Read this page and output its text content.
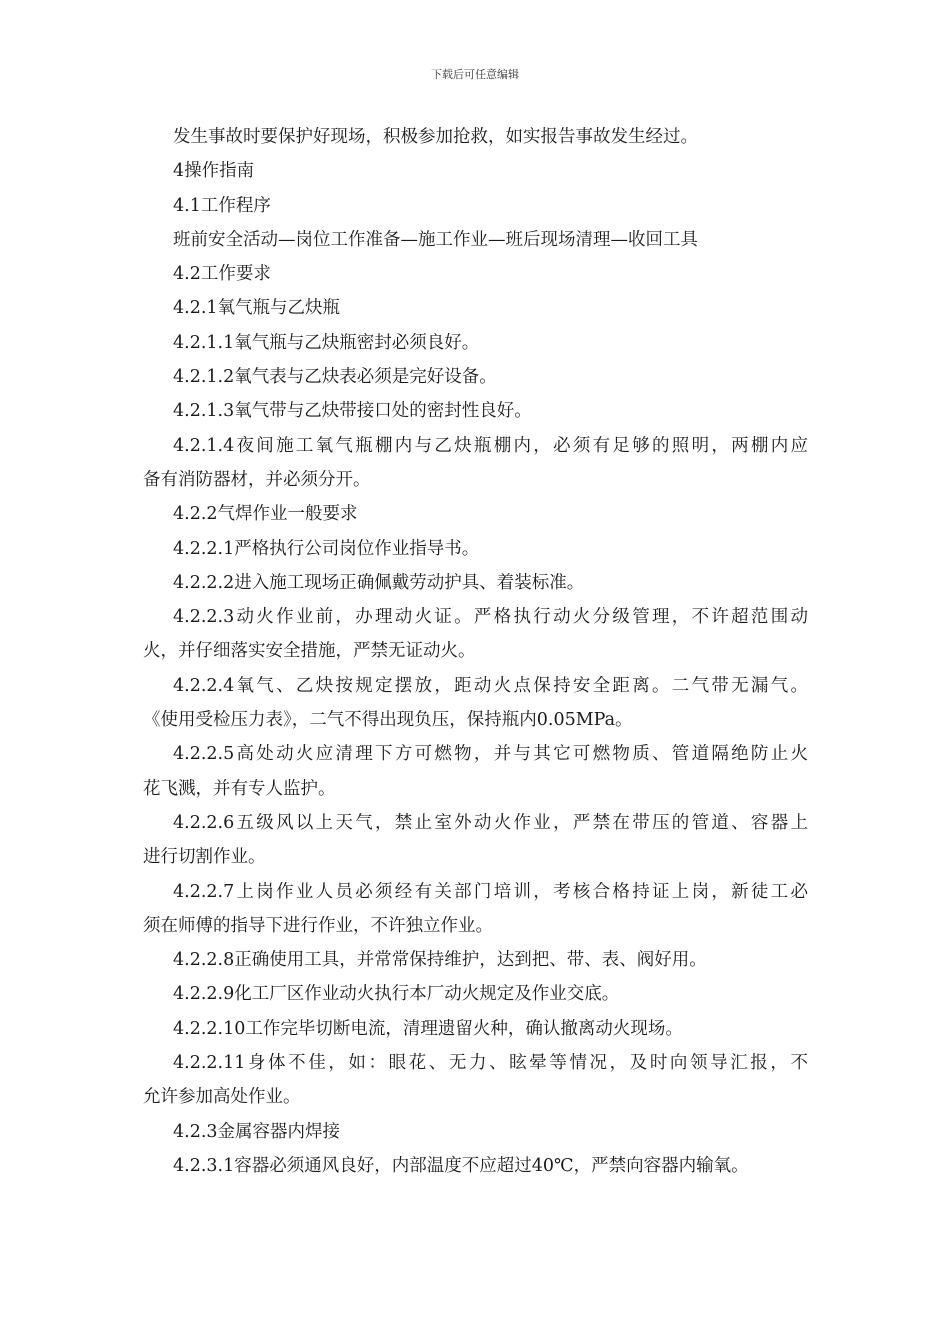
下载后可任意编辑
发生事故时要保护好现场，积极参加抢救，如实报告事故发生经过。
4操作指南
4.1工作程序
班前安全活动—岗位工作准备—施工作业—班后现场清理—收回工具
4.2工作要求
4.2.1氧气瓶与乙炔瓶
4.2.1.1氧气瓶与乙炔瓶密封必须良好。
4.2.1.2氧气表与乙炔表必须是完好设备。
4.2.1.3氧气带与乙炔带接口处的密封性良好。
4.2.1.4夜间施工氧气瓶棚内与乙炔瓶棚内，必须有足够的照明，两棚内应
备有消防器材，并必须分开。
4.2.2气焊作业一般要求
4.2.2.1严格执行公司岗位作业指导书。
4.2.2.2进入施工现场正确佩戴劳动护具、着装标准。
4.2.2.3动火作业前，办理动火证。严格执行动火分级管理，不许超范围动
火，并仔细落实安全措施，严禁无证动火。
4.2.2.4氧气、乙炔按规定摆放，距动火点保持安全距离。二气带无漏气。
《使用受检压力表》，二气不得出现负压，保持瓶内0.05MPa。
4.2.2.5高处动火应清理下方可燃物，并与其它可燃物质、管道隔绝防止火
花飞溅，并有专人监护。
4.2.2.6五级风以上天气，禁止室外动火作业，严禁在带压的管道、容器上
进行切割作业。
4.2.2.7上岗作业人员必须经有关部门培训，考核合格持证上岗，新徒工必
须在师傅的指导下进行作业，不许独立作业。
4.2.2.8正确使用工具，并常常保持维护，达到把、带、表、阀好用。
4.2.2.9化工厂区作业动火执行本厂动火规定及作业交底。
4.2.2.10工作完毕切断电流，清理遗留火种，确认撤离动火现场。
4.2.2.11身体不佳，如：眼花、无力、眩晕等情况，及时向领导汇报，不
允许参加高处作业。
4.2.3金属容器内焊接
4.2.3.1容器必须通风良好，内部温度不应超过40℃，严禁向容器内输氧。
